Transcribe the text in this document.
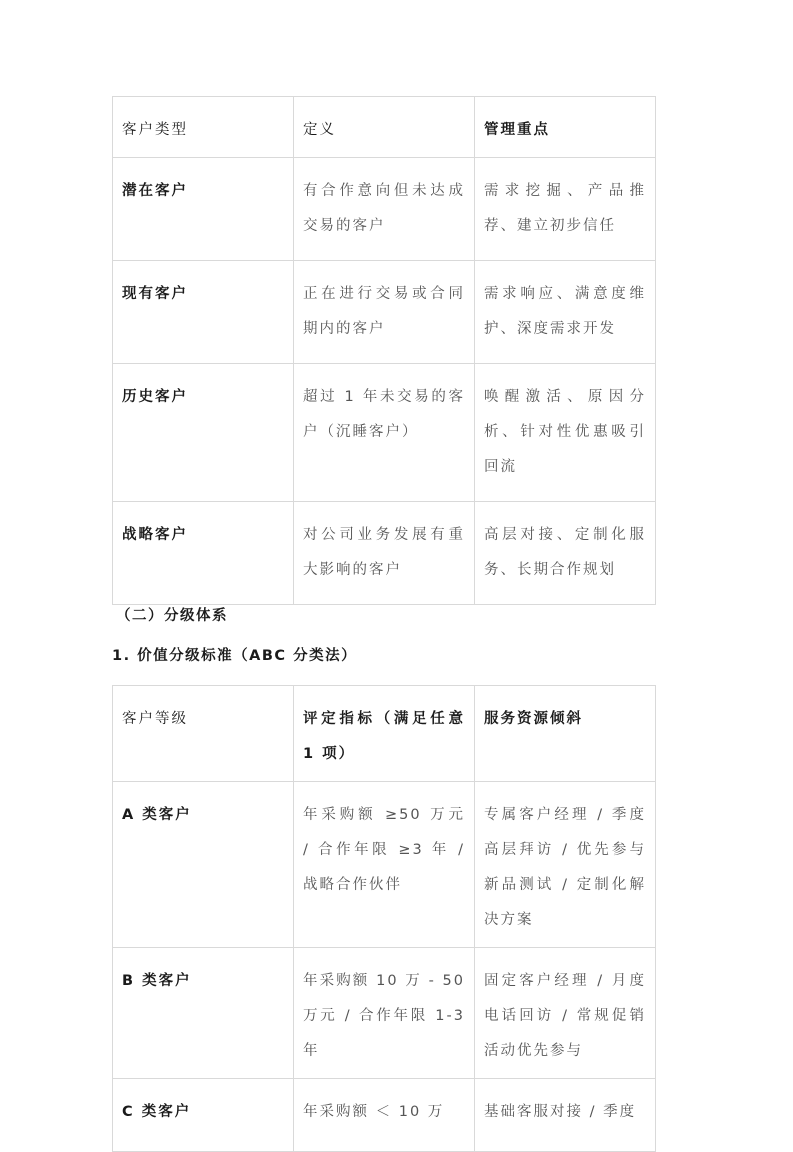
客户类型	定义	管理重点
潜在客户	有合作意向但未达成交易的客户	需求挖掘、产品推荐、建立初步信任
现有客户	正在进行交易或合同期内的客户	需求响应、满意度维护、深度需求开发
历史客户	超过 1 年未交易的客户（沉睡客户）	唤醒激活、原因分析、针对性优惠吸引回流
战略客户	对公司业务发展有重大影响的客户	高层对接、定制化服务、长期合作规划

（二）分级体系

1. 价值分级标准（ABC 分类法）

客户等级	评定指标（满足任意 1 项）	服务资源倾斜
A 类客户	年采购额 ≥50 万元 / 合作年限 ≥3 年 / 战略合作伙伴	专属客户经理 / 季度高层拜访 / 优先参与新品测试 / 定制化解决方案
B 类客户	年采购额 10 万 - 50 万元 / 合作年限 1-3 年	固定客户经理 / 月度电话回访 / 常规促销活动优先参与
C 类客户	年采购额 ＜ 10 万	基础客服对接 / 季度
